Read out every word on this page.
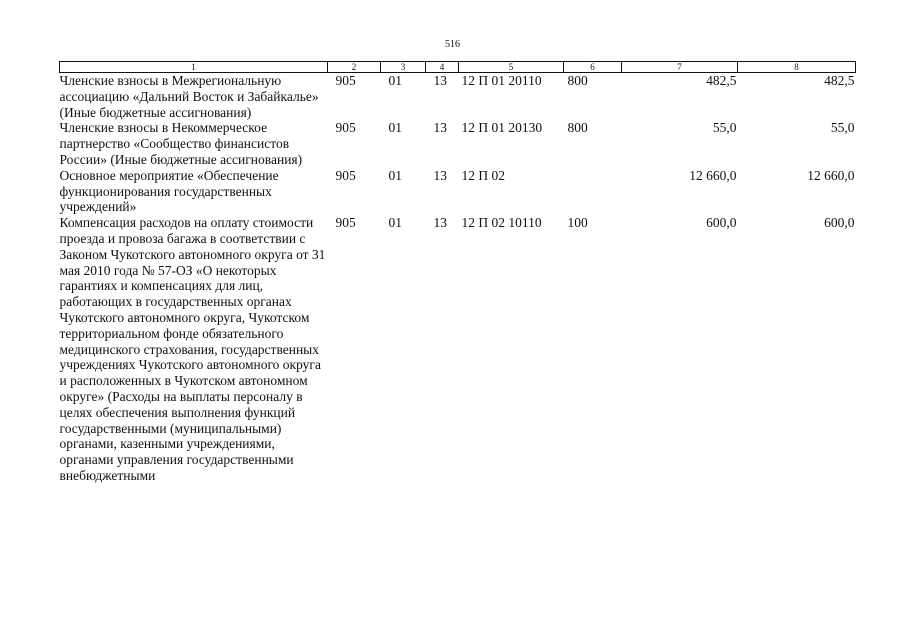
516
1	2	3	4	5	6	7	8
Членские взносы в Межрегиональную ассоциацию «Дальний Восток и Забайкалье» (Иные бюджетные ассигнования)	905	01	13	12 П 01 20110	800	482,5	482,5
Членские взносы в Некоммерческое партнерство «Сообщество финансистов России» (Иные бюджетные ассигнования)	905	01	13	12 П 01 20130	800	55,0	55,0
Основное мероприятие «Обеспечение функционирования государственных учреждений»	905	01	13	12 П 02		12 660,0	12 660,0
Компенсация расходов на оплату стоимости проезда и провоза багажа в соответствии с Законом Чукотского автономного округа от 31 мая 2010 года № 57-ОЗ «О некоторых гарантиях и компенсациях для лиц, работающих в государственных органах Чукотского автономного округа, Чукотском территориальном фонде обязательного медицинского страхования, государственных учреждениях Чукотского автономного округа и расположенных в Чукотском автономном округе» (Расходы на выплаты персоналу в целях обеспечения выполнения функций государственными (муниципальными) органами, казенными учреждениями, органами управления государственными внебюджетными	905	01	13	12 П 02 10110	100	600,0	600,0
